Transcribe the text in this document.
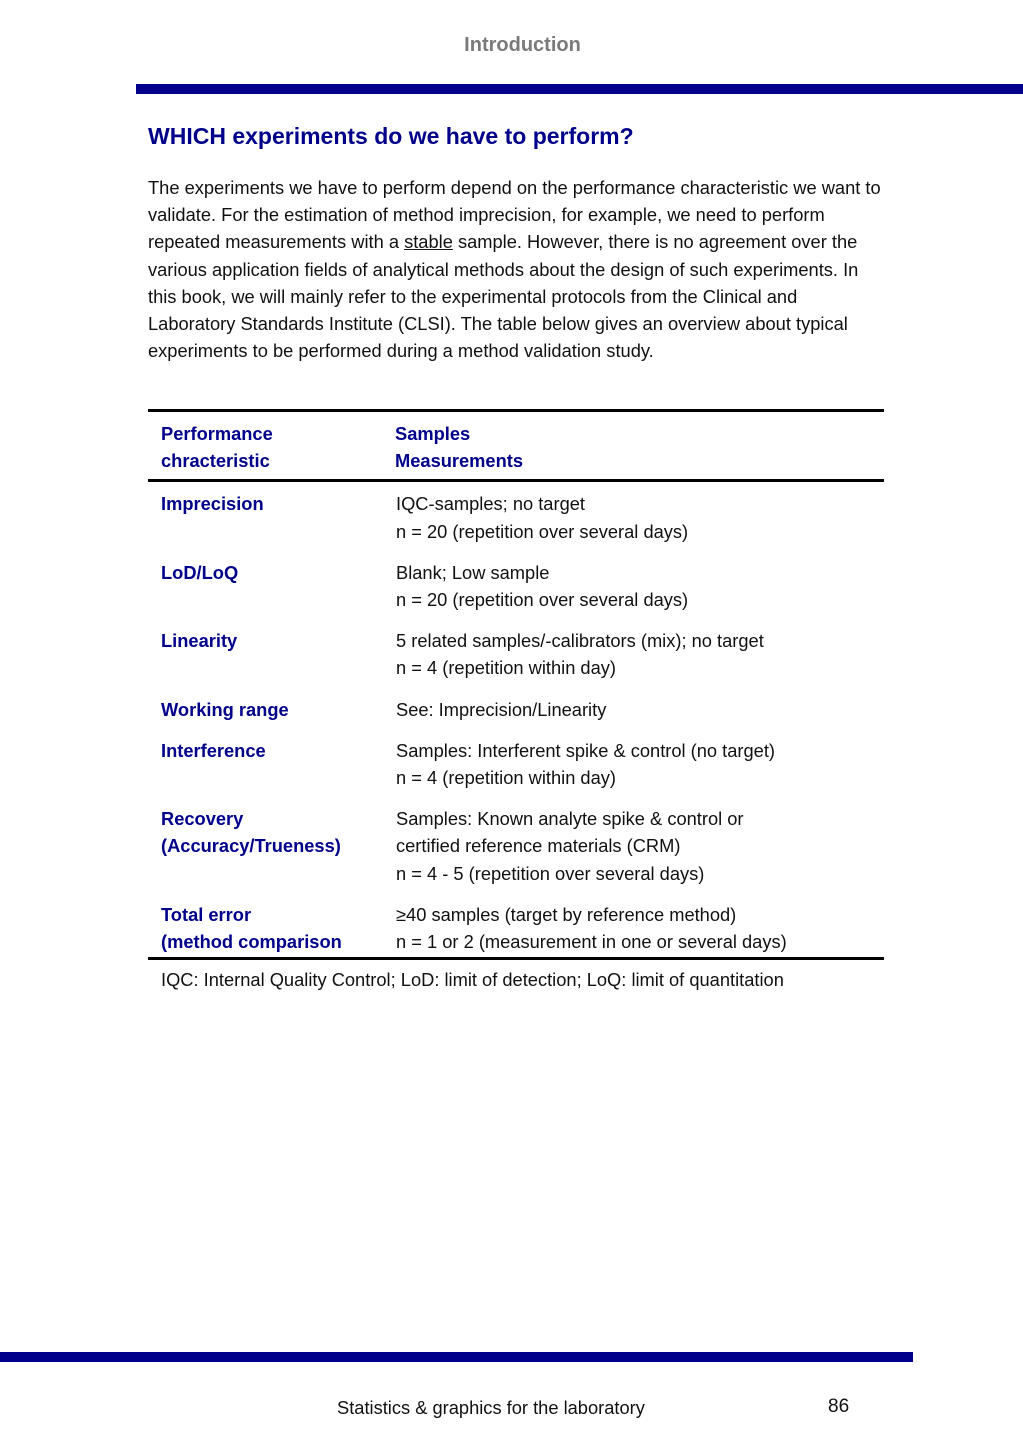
Introduction
WHICH experiments do we have to perform?

The experiments we have to perform depend on the performance characteristic we want to validate. For the estimation of method imprecision, for example, we need to perform repeated measurements with a stable sample. However, there is no agreement over the various application fields of analytical methods about the design of such experiments. In this book, we will mainly refer to the experimental protocols from the Clinical and Laboratory Standards Institute (CLSI). The table below gives an overview about typical experiments to be performed during a method validation study.

Performance
chracteristic	Samples
Measurements

Imprecision	IQC-samples; no target
n = 20 (repetition over several days)

LoD/LoQ	Blank; Low sample
n = 20 (repetition over several days)

Linearity	5 related samples/-calibrators (mix); no target
n = 4 (repetition within day)

Working range	See: Imprecision/Linearity

Interference	Samples: Interferent spike & control (no target)
n = 4 (repetition within day)

Recovery
(Accuracy/Trueness)	Samples: Known analyte spike & control or
certified reference materials (CRM)
n = 4 - 5 (repetition over several days)

Total error
(method comparison	≥40 samples (target by reference method)
n = 1 or 2 (measurement in one or several days)
IQC: Internal Quality Control; LoD: limit of detection; LoQ: limit of quantitation
Statistics & graphics for the laboratory	86
